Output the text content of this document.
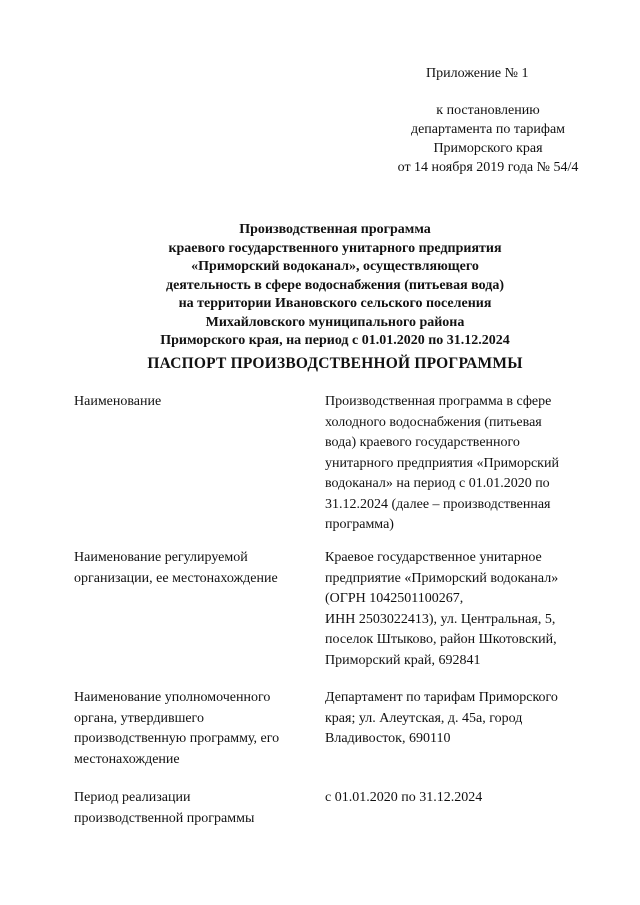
Приложение № 1
к постановлению
департамента по тарифам
Приморского края
от 14 ноября 2019 года № 54/4
Производственная программа
краевого государственного унитарного предприятия
«Приморский водоканал», осуществляющего
деятельность в сфере водоснабжения (питьевая вода)
на территории Ивановского сельского поселения
Михайловского муниципального района
Приморского края, на период с 01.01.2020 по 31.12.2024
ПАСПОРТ ПРОИЗВОДСТВЕННОЙ ПРОГРАММЫ
Наименование	Производственная программа в сфере
холодного водоснабжения (питьевая
вода) краевого государственного
унитарного предприятия «Приморский
водоканал» на период с 01.01.2020 по
31.12.2024 (далее – производственная
программа)
Наименование регулируемой
организации, ее местонахождение
Краевое государственное унитарное
предприятие «Приморский водоканал»
(ОГРН 1042501100267,
ИНН 2503022413), ул. Центральная, 5,
поселок Штыково, район Шкотовский,
Приморский край, 692841
Наименование уполномоченного
органа, утвердившего
производственную программу, его
местонахождение
Департамент по тарифам Приморского
края; ул. Алеутская, д. 45а, город
Владивосток, 690110
Период реализации
производственной программы
с 01.01.2020 по 31.12.2024
